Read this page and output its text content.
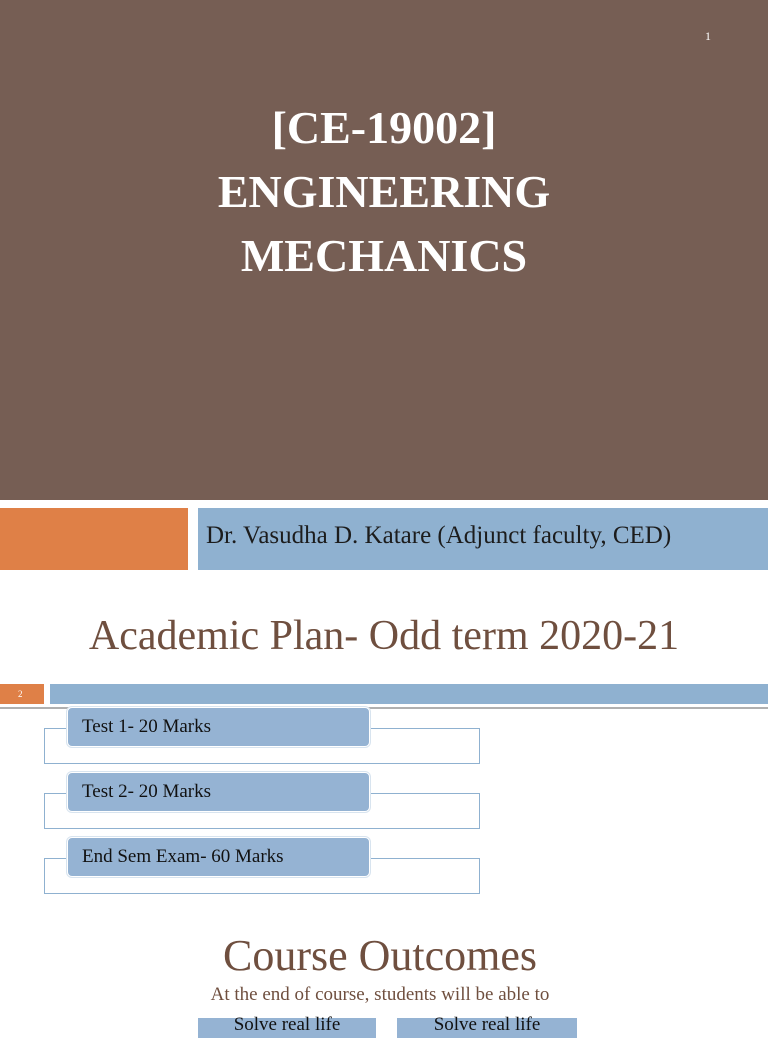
1
[CE-19002]
ENGINEERING
MECHANICS
Dr. Vasudha D. Katare (Adjunct faculty, CED)
Academic Plan- Odd term 2020-21
2
Test 1- 20 Marks
Test 2- 20 Marks
End Sem Exam- 60 Marks
Course Outcomes
At the end of course, students will be able to
Solve real life	Solve real life
